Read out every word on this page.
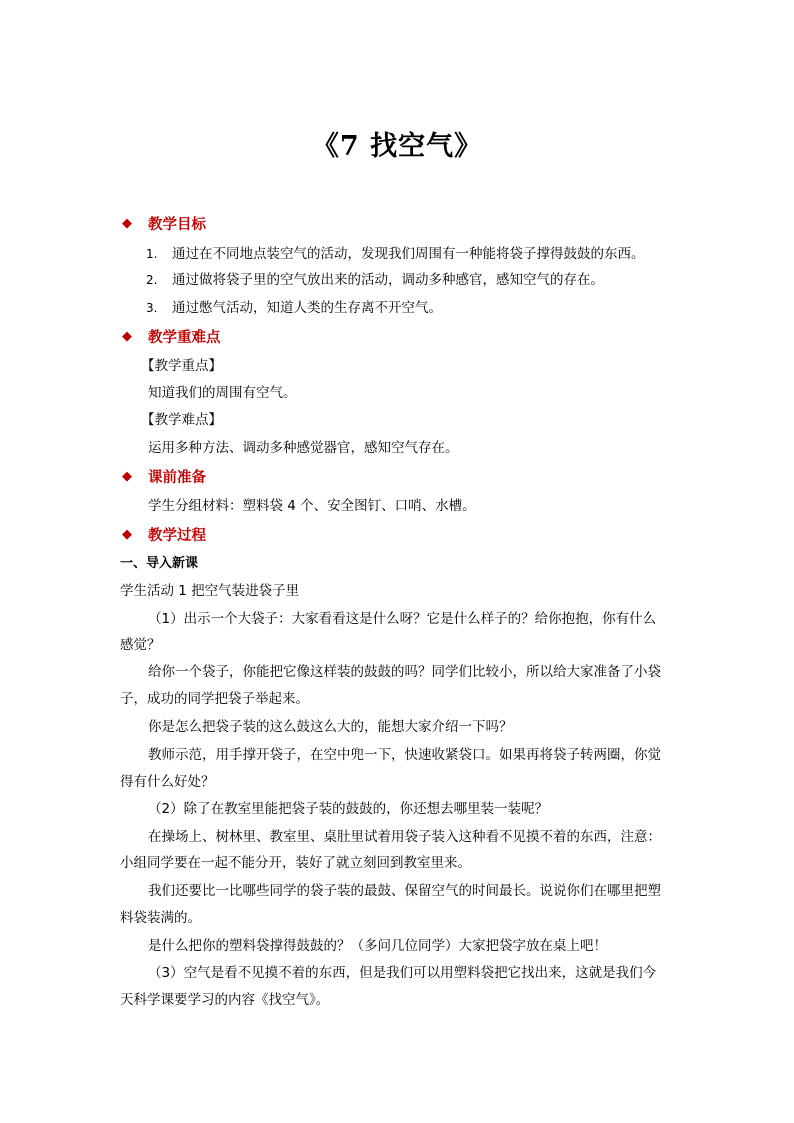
《7 找空气》
◆	教学目标
1. 通过在不同地点装空气的活动，发现我们周围有一种能将袋子撑得鼓鼓的东西。
2. 通过做将袋子里的空气放出来的活动，调动多种感官，感知空气的存在。
3. 通过憋气活动，知道人类的生存离不开空气。
◆	教学重难点
【教学重点】
知道我们的周围有空气。
【教学难点】
运用多种方法、调动多种感觉器官，感知空气存在。
◆	课前准备
学生分组材料：塑料袋 4 个、安全图钉、口哨、水槽。
◆	教学过程
一、导入新课
学生活动 1 把空气装进袋子里
（1）出示一个大袋子：大家看看这是什么呀？它是什么样子的？给你抱抱，你有什么
感觉？
给你一个袋子，你能把它像这样装的鼓鼓的吗？同学们比较小，所以给大家准备了小袋
子，成功的同学把袋子举起来。
你是怎么把袋子装的这么鼓这么大的，能想大家介绍一下吗？
教师示范，用手撑开袋子，在空中兜一下，快速收紧袋口。如果再将袋子转两圈，你觉
得有什么好处？
（2）除了在教室里能把袋子装的鼓鼓的，你还想去哪里装一装呢？
在操场上、树林里、教室里、桌肚里试着用袋子装入这种看不见摸不着的东西，注意：
小组同学要在一起不能分开，装好了就立刻回到教室里来。
我们还要比一比哪些同学的袋子装的最鼓、保留空气的时间最长。说说你们在哪里把塑
料袋装满的。
是什么把你的塑料袋撑得鼓鼓的？（多问几位同学）大家把袋字放在桌上吧！
（3）空气是看不见摸不着的东西，但是我们可以用塑料袋把它找出来，这就是我们今
天科学课要学习的内容《找空气》。
